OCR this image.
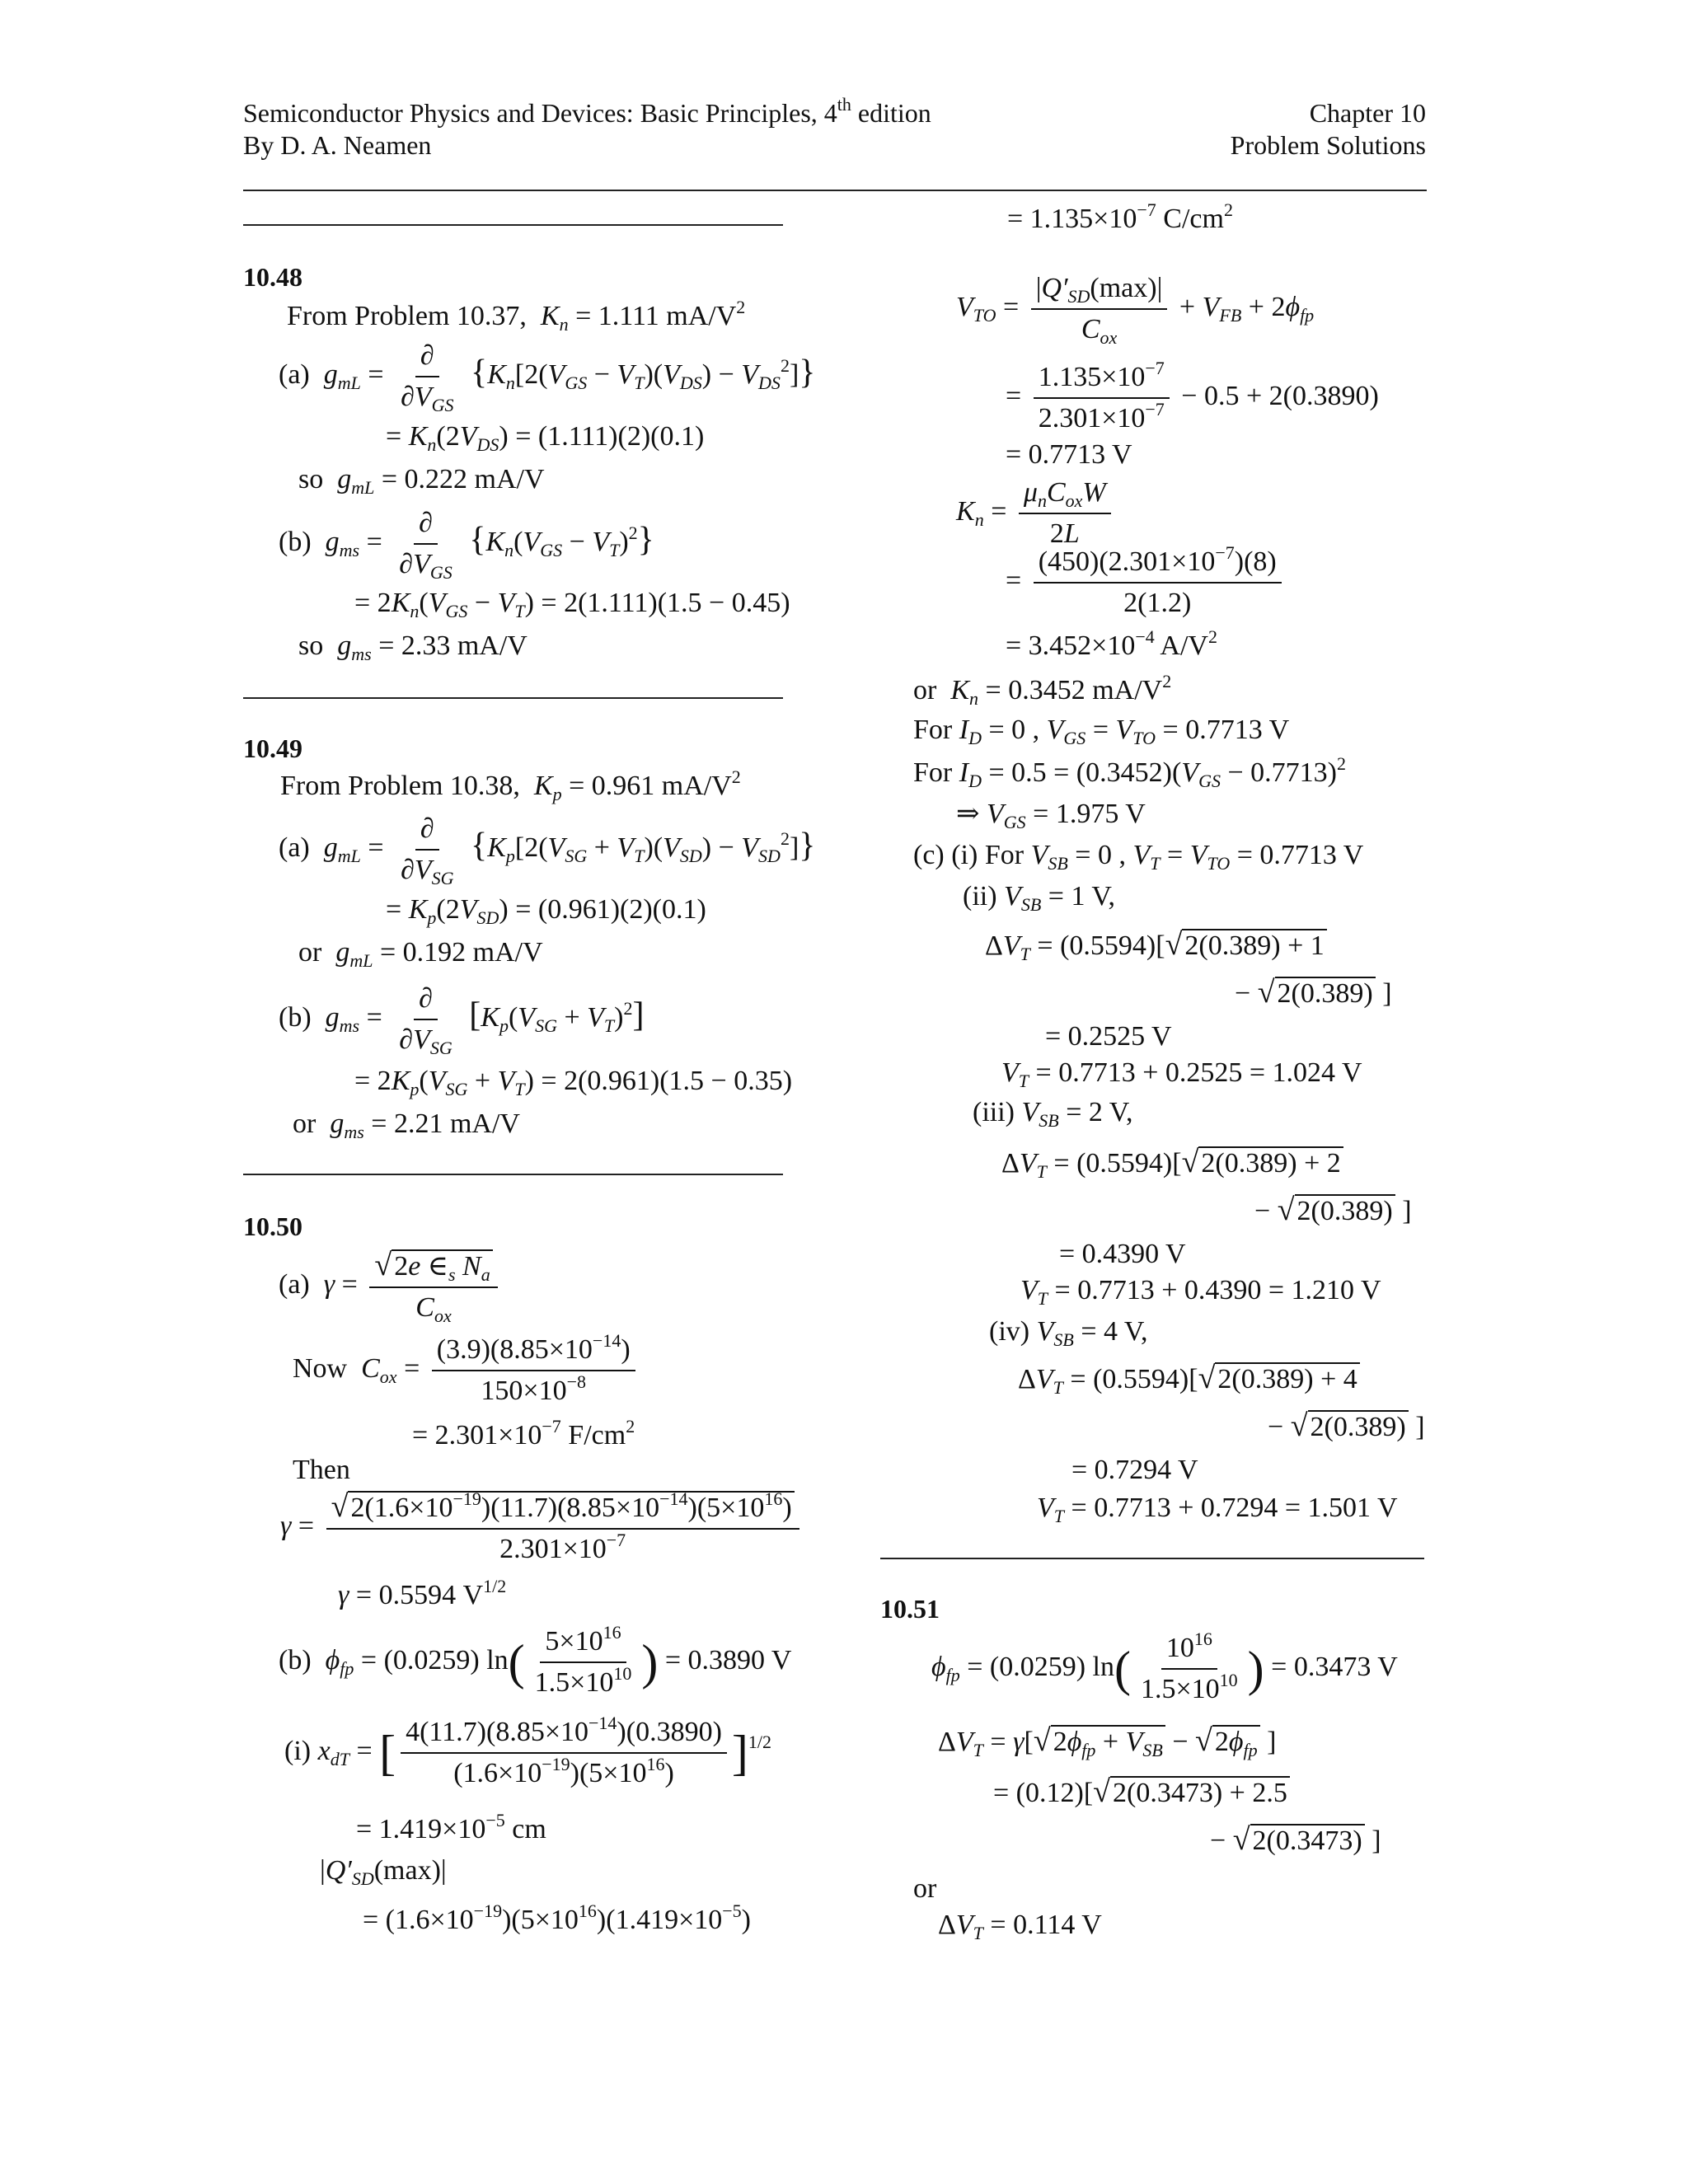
Semiconductor Physics and Devices: Basic Principles, 4th edition
By D. A. Neamen
Chapter 10
Problem Solutions
10.48
From Problem 10.37, $K_n = 1.111$ $mA/V^2$
(a)  $g_{mL} = \frac{\partial}{\partial V_{GS}} \{K_n[2(V_{GS} - V_T)(V_{DS}) - V_{DS}^2]\}$
= $K_n(2V_{DS}) = (1.111)(2)(0.1)$
so $g_{mL} = 0.222$ mA/V
(b)  $g_{ms} = \frac{\partial}{\partial V_{GS}} \{K_n(V_{GS} - V_T)^2\}$
= $2K_n(V_{GS} - V_T) = 2(1.111)(1.5 - 0.45)$
so $g_{ms} = 2.33$ mA/V
10.49
From Problem 10.38, $K_p = 0.961$ $mA/V^2$
(a)  $g_{mL} = \frac{\partial}{\partial V_{SG}} \{K_p[2(V_{SG} + V_T)(V_{SD}) - V_{SD}^2]\}$
= $K_p(2V_{SD}) = (0.961)(2)(0.1)$
or $g_{mL} = 0.192$ mA/V
(b)  $g_{ms} = \frac{\partial}{\partial V_{SG}} [K_p(V_{SG} + V_T)^2]$
= $2K_p(V_{SG} + V_T) = 2(0.961)(1.5 - 0.35)$
or $g_{ms} = 2.21$ mA/V
10.50
(a)  $\gamma = \frac{√2e \in_s N_a}{C_{ox}}$
Now $C_{ox} = \frac{(3.9)(8.85\times 10^{-14})}{150\times 10^{-8}}$
= $2.301\times 10^{-7}$ $F/cm^2$
Then
$\gamma = \frac{√2(1.6\times 10^{-19})(11.7)(8.85\times 10^{-14})(5\times 10^{16})}{2.301\times 10^{-7}}$
γ = 0.5594 $V^{1/2}$
(b)  $\phi_{fp} = (0.0259)$ $\ln( \frac{5\times 10^{16}}{1.5\times 10^{10}}$ ) = 0.3890 V
(i) $x_{dT}$ = [ $\frac{4(11.7)(8.85\times 10^{-14})(0.3890)}{(1.6\times 10^{-19})(5\times 10^{16})} ]^{1/2}$
= $1.419\times 10^{-5}$ cm
$|Q'_{SD}(\max)|$
= $(1.6\times 10^{-19})(5\times 10^{16})(1.419\times 10^{-5})$
= $1.135\times 10^{-7}$ $C/cm^2$
$V_{TO} = \frac{|Q'_{SD}(\max)|}{C_{ox}} + V_{FB} + 2\phi_{fp}$
= $\frac{1.135\times 10^{-7}}{2.301\times 10^{-7}} - 0.5 + 2(0.3890)$
= 0.7713 V
$K_n = \frac{\mu_nC_{ox}W}{2L}$
= $\frac{(450)(2.301\times 10^{-7})(8)}{2(1.2)}$
= $3.452\times 10^{-4}$ $A/V^2$
or  $K_n = 0.3452$ $mA/V^2$
For $I_D = 0$ , $V_{GS} = V_{TO} = 0.7713$ V
For $I_D = 0.5 = (0.3452)(V_{GS} - 0.7713)^2$
⇒ $V_{GS} = 1.975$ V
(c) (i) For $V_{SB} = 0$ , $V_T = V_{TO} = 0.7713$ V
(ii) $V_{SB} = 1$ V,
$\Delta V_T = (0.5594)[√2(0.389) + 1$
− √2(0.389) ]
= 0.2525 V
$V_T = 0.7713 + 0.2525 = 1.024$ V
(iii) $V_{SB} = 2$ V,
$\Delta V_T = (0.5594)[√2(0.389) + 2$
− √2(0.389) ]
= 0.4390 V
$V_T = 0.7713 + 0.4390 = 1.210$ V
(iv) $V_{SB} = 4$ V,
$\Delta V_T = (0.5594)[√2(0.389) + 4$
− √2(0.389) ]
= 0.7294 V
$V_T = 0.7713 + 0.7294 = 1.501$ V
10.51
$\phi_{fp} = (0.0259)$ $\ln( \frac{10^{16}}{1.5\times 10^{10}}$ ) = 0.3473 V
$\Delta V_T = \gamma[√2\phi_{fp} + V_{SB} - √2\phi_{fp}$ ]
= (0.12)[√2(0.3473) + 2.5
− √2(0.3473) ]
or
$\Delta V_T = 0.114$ V
